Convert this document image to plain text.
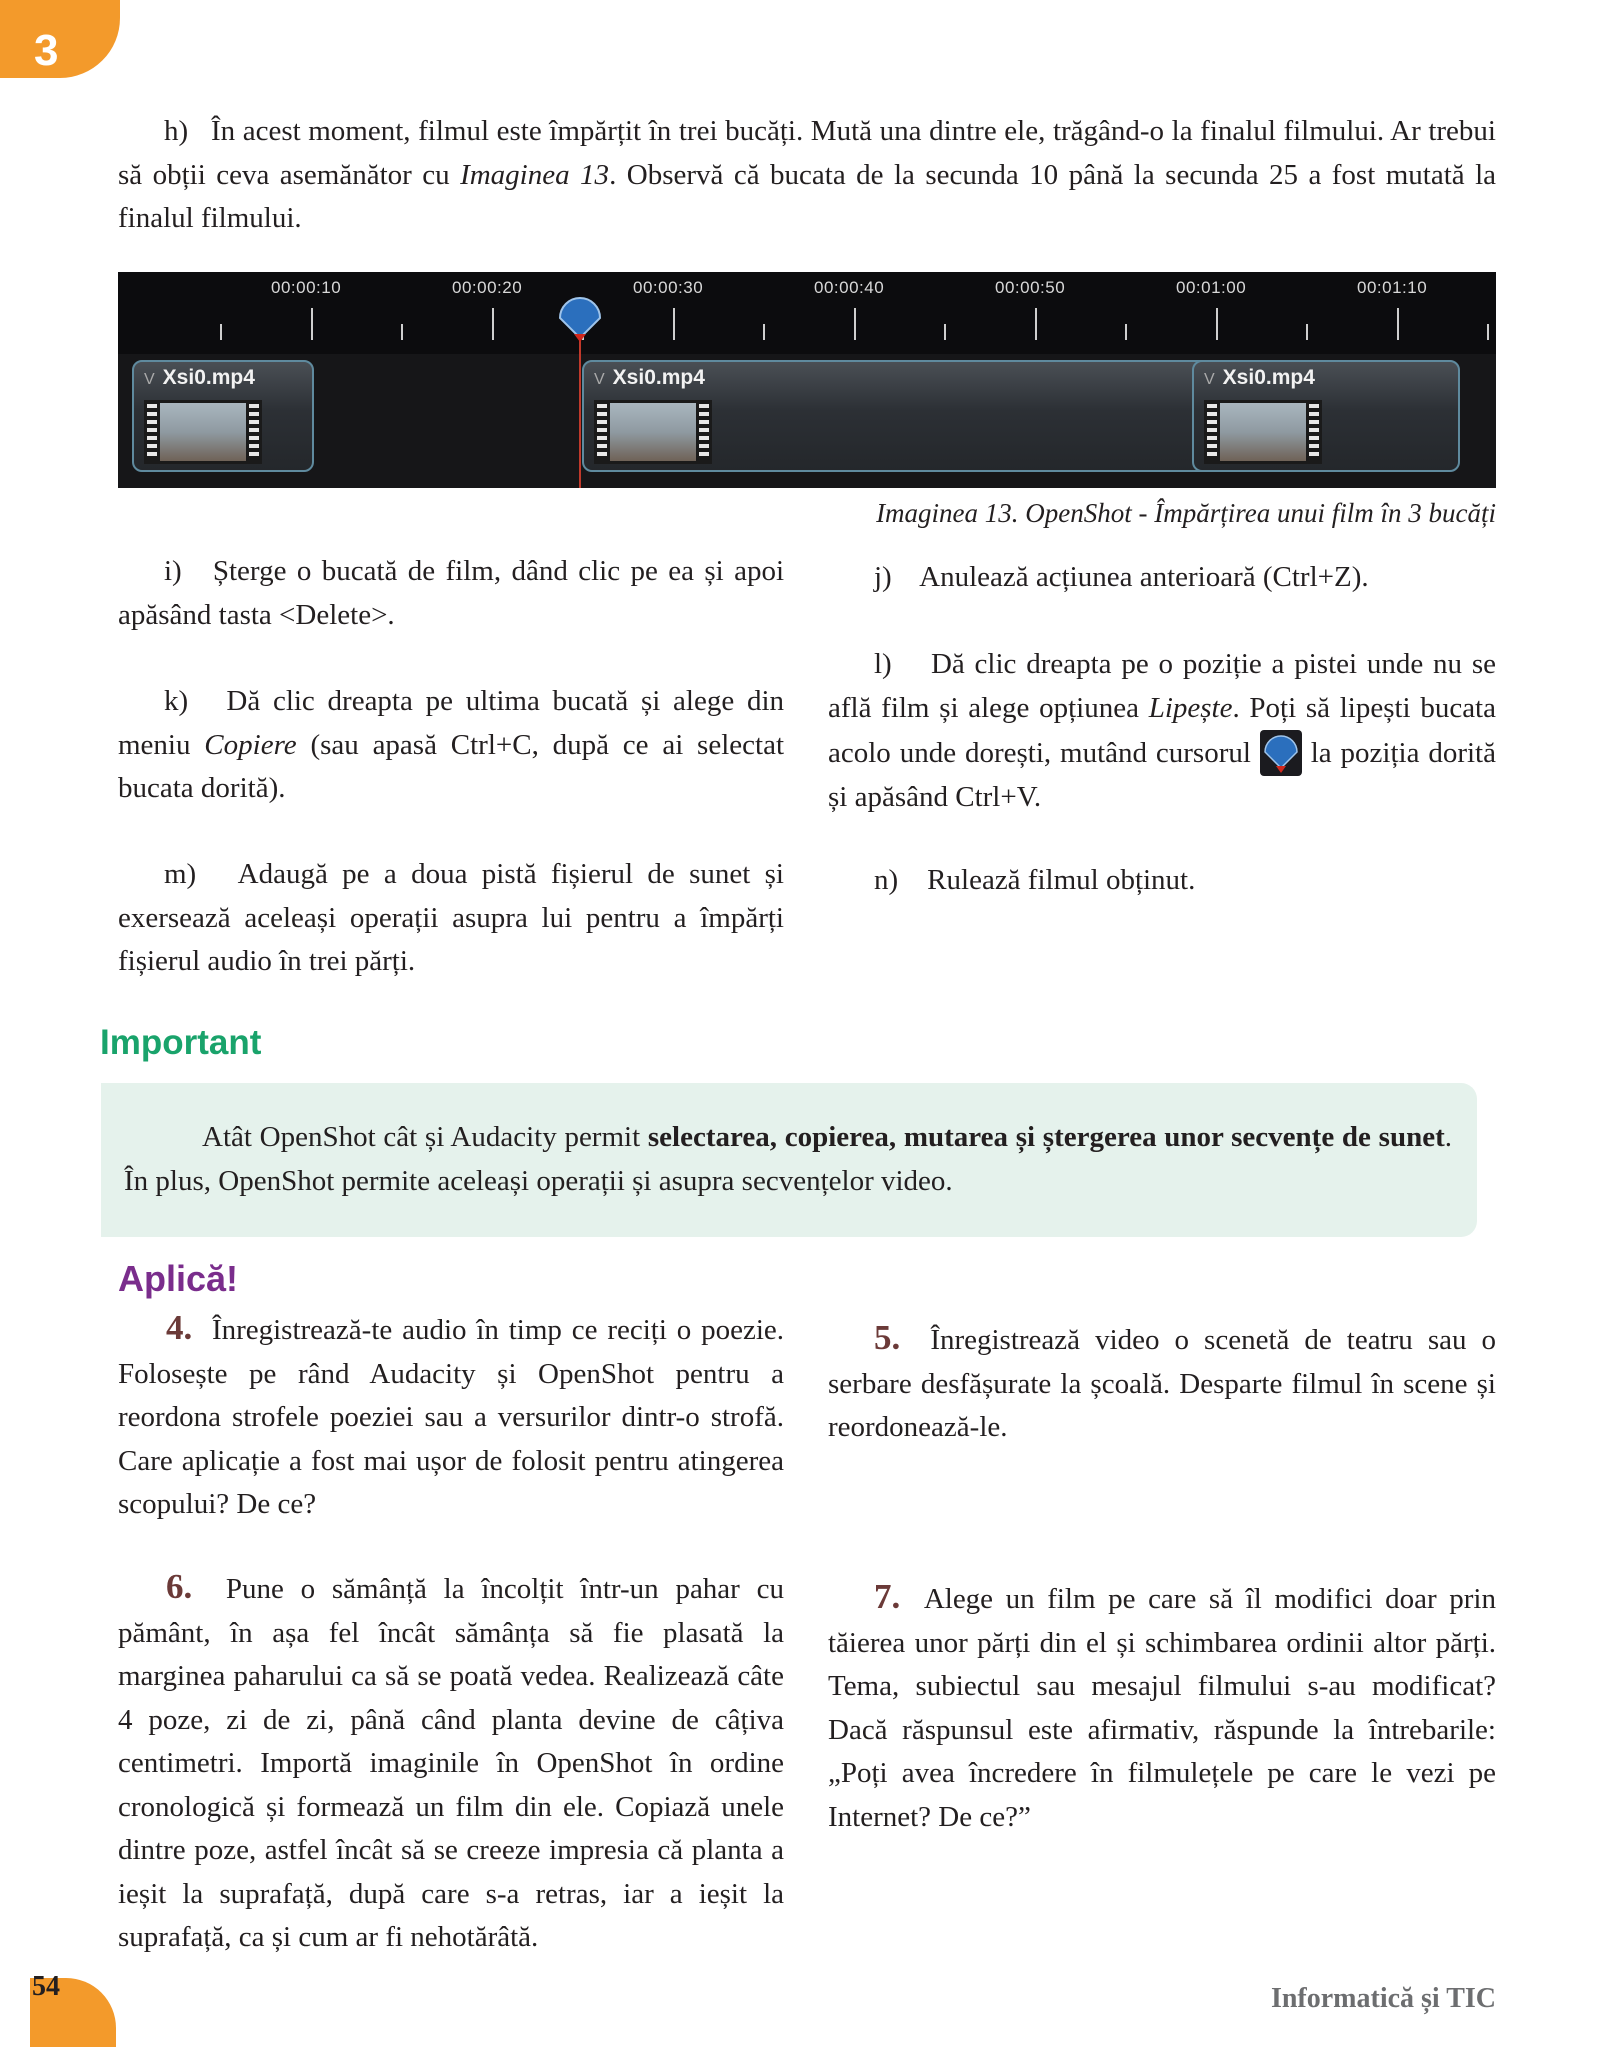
3

h) În acest moment, filmul este împărțit în trei bucăți. Mută una dintre ele, trăgând-o la finalul filmului. Ar trebui să obții ceva asemănător cu Imaginea 13. Observă că bucata de la secunda 10 până la secunda 25 a fost mutată la finalul filmului.

00:00:10	00:00:20	00:00:30	00:00:40	00:00:50	00:01:00	00:01:10
V Xsi0.mp4	V Xsi0.mp4	V Xsi0.mp4
Imaginea 13. OpenShot - Împărțirea unui film în 3 bucăți

i) Șterge o bucată de film, dând clic pe ea și apoi apăsând tasta <Delete>.

k) Dă clic dreapta pe ultima bucată și alege din meniu Copiere (sau apasă Ctrl+C, după ce ai selectat bucata dorită).

m) Adaugă pe a doua pistă fișierul de sunet și exersează aceleași operații asupra lui pentru a împărți fișierul audio în trei părți.

j) Anulează acțiunea anterioară (Ctrl+Z).

l) Dă clic dreapta pe o poziție a pistei unde nu se află film și alege opțiunea Lipește. Poți să lipești bucata acolo unde dorești, mutând cursorul  la poziția dorită și apăsând Ctrl+V.

n) Rulează filmul obținut.

Important

Atât OpenShot cât și Audacity permit selectarea, copierea, mutarea și ștergerea unor secvențe de sunet. În plus, OpenShot permite aceleași operații și asupra secvențelor video.

Aplică!

4. Înregistrează-te audio în timp ce reciți o poezie. Folosește pe rând Audacity și OpenShot pentru a reordona strofele poeziei sau a versurilor dintr-o strofă. Care aplicație a fost mai ușor de folosit pentru atingerea scopului? De ce?

5. Înregistrează video o scenetă de teatru sau o serbare desfășurate la școală. Desparte filmul în scene și reordonează-le.

6. Pune o sămânță la încolțit într-un pahar cu pământ, în așa fel încât sămânța să fie plasată la marginea paharului ca să se poată vedea. Realizează câte 4 poze, zi de zi, până când planta devine de câțiva centimetri. Importă imaginile în OpenShot în ordine cronologică și formează un film din ele. Copiază unele dintre poze, astfel încât să se creeze impresia că planta a ieșit la suprafață, după care s-a retras, iar a ieșit la suprafață, ca și cum ar fi nehotărâtă.

7. Alege un film pe care să îl modifici doar prin tăierea unor părți din el și schimbarea ordinii altor părți. Tema, subiectul sau mesajul filmului s-au modificat? Dacă răspunsul este afirmativ, răspunde la întrebarile: „Poți avea încredere în filmulețele pe care le vezi pe Internet? De ce?”

54	Informatică și TIC
